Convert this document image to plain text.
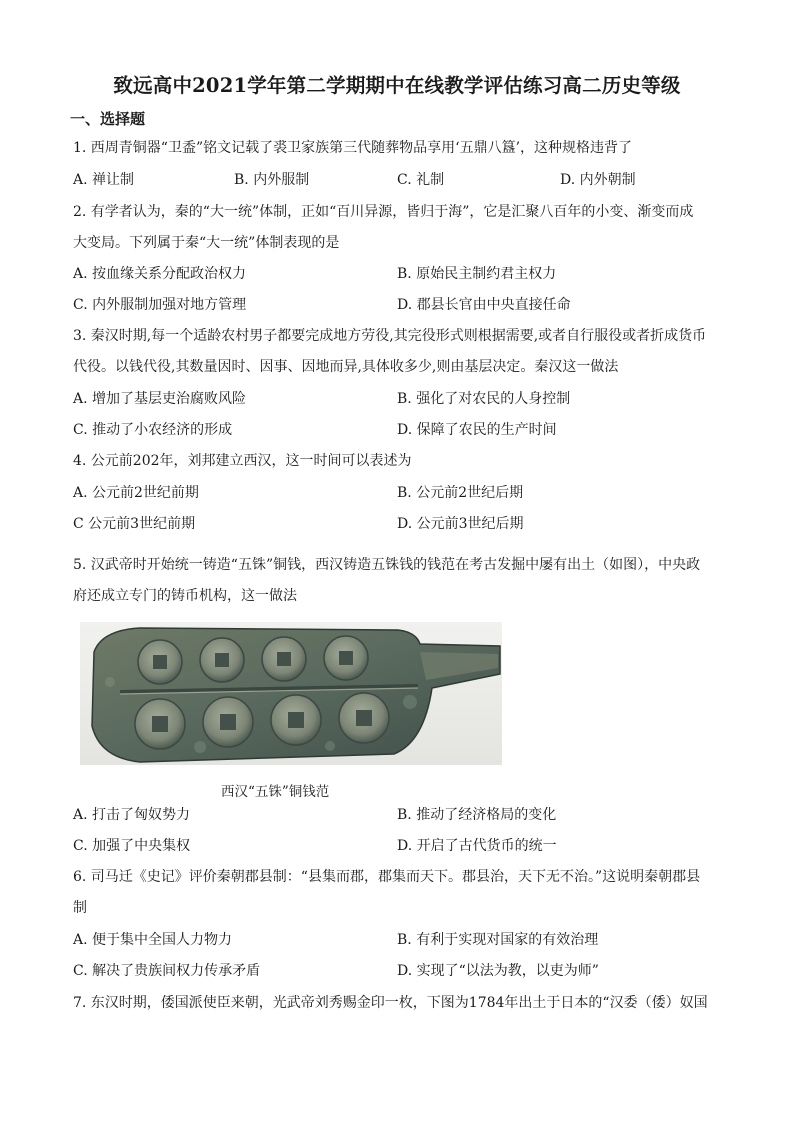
致远高中2021学年第二学期期中在线教学评估练习高二历史等级
一、选择题
1. 西周青铜器“卫盉”铭文记载了裘卫家族第三代随葬物品享用‘五鼎八簋’，这种规格违背了
A. 禅让制	B. 内外服制	C. 礼制	D. 内外朝制
2. 有学者认为，秦的“大一统”体制，正如“百川异源，皆归于海”，它是汇聚八百年的小变、渐变而成
大变局。下列属于秦“大一统”体制表现的是
A. 按血缘关系分配政治权力	B. 原始民主制约君主权力
C. 内外服制加强对地方管理	D. 郡县长官由中央直接任命
3. 秦汉时期,每一个适龄农村男子都要完成地方劳役,其完役形式则根据需要,或者自行服役或者折成货币
代役。以钱代役,其数量因时、因事、因地而异,具体收多少,则由基层决定。秦汉这一做法
A. 增加了基层吏治腐败风险	B. 强化了对农民的人身控制
C. 推动了小农经济的形成	D. 保障了农民的生产时间
4. 公元前202年，刘邦建立西汉，这一时间可以表述为
A. 公元前2世纪前期	B. 公元前2世纪后期
C 公元前3世纪前期	D. 公元前3世纪后期
5. 汉武帝时开始统一铸造“五铢”铜钱，西汉铸造五铢钱的钱范在考古发掘中屡有出土（如图），中央政
府还成立专门的铸币机构，这一做法
西汉“五铢”铜钱范
A. 打击了匈奴势力	B. 推动了经济格局的变化
C. 加强了中央集权	D. 开启了古代货币的统一
6. 司马迁《史记》评价秦朝郡县制：“县集而郡，郡集而天下。郡县治，天下无不治。”这说明秦朝郡县
制
A. 便于集中全国人力物力	B. 有利于实现对国家的有效治理
C. 解决了贵族间权力传承矛盾	D. 实现了“以法为教，以吏为师”
7. 东汉时期，倭国派使臣来朝，光武帝刘秀赐金印一枚，下图为1784年出土于日本的“汉委（倭）奴国
